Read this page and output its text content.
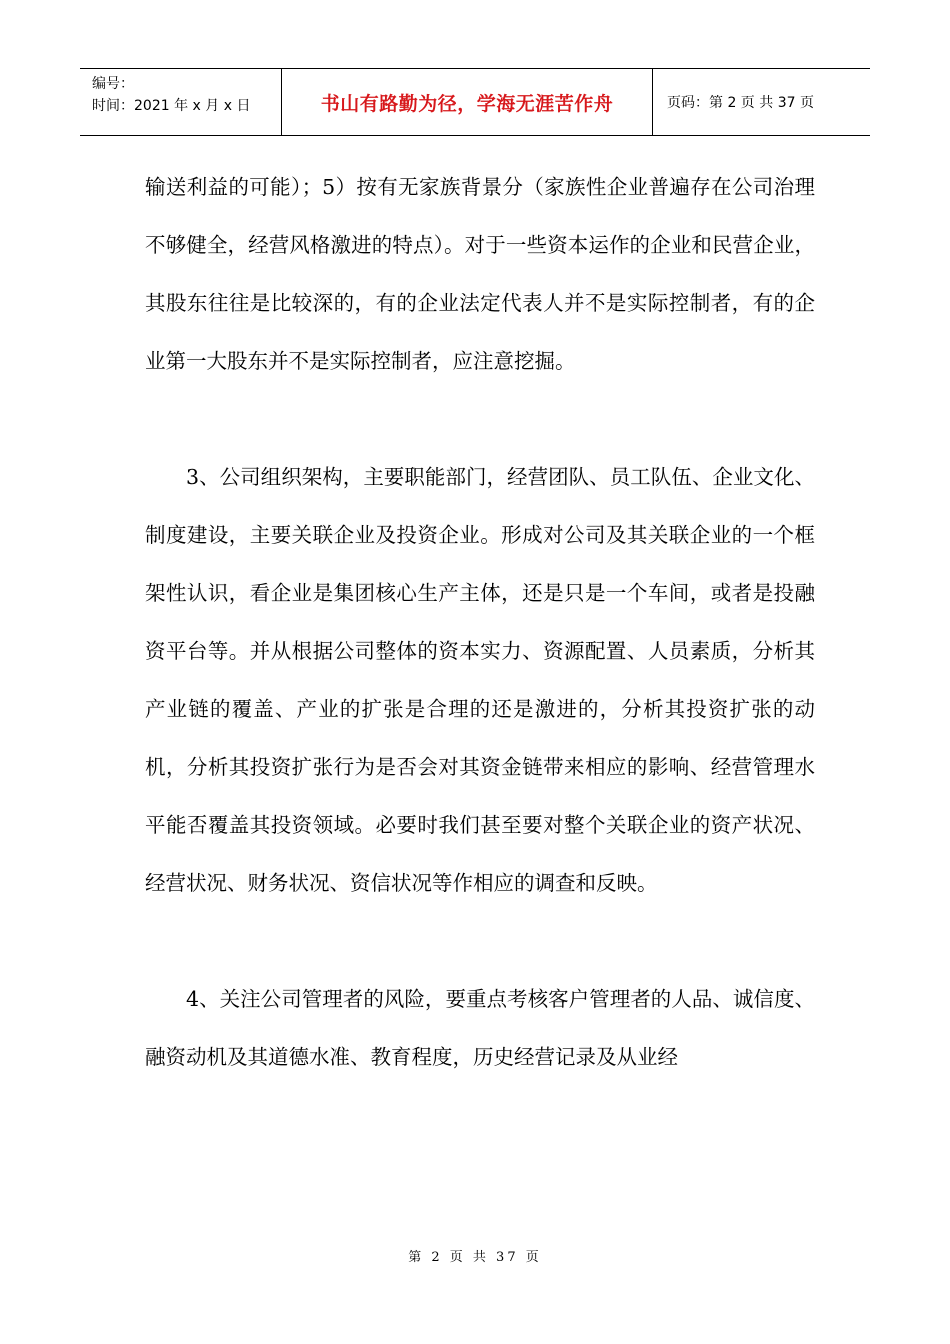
编号：
时间：2021 年 x 月 x 日	书山有路勤为径，学海无涯苦作舟	页码：第 2 页 共 37 页

输送利益的可能）；5）按有无家族背景分（家族性企业普遍存在公司治理不够健全，经营风格激进的特点）。对于一些资本运作的企业和民营企业，其股东往往是比较深的，有的企业法定代表人并不是实际控制者，有的企业第一大股东并不是实际控制者，应注意挖掘。

3、公司组织架构，主要职能部门，经营团队、员工队伍、企业文化、制度建设，主要关联企业及投资企业。形成对公司及其关联企业的一个框架性认识，看企业是集团核心生产主体，还是只是一个车间，或者是投融资平台等。并从根据公司整体的资本实力、资源配置、人员素质，分析其产业链的覆盖、产业的扩张是合理的还是激进的，分析其投资扩张的动机，分析其投资扩张行为是否会对其资金链带来相应的影响、经营管理水平能否覆盖其投资领域。必要时我们甚至要对整个关联企业的资产状况、经营状况、财务状况、资信状况等作相应的调查和反映。

4、关注公司管理者的风险，要重点考核客户管理者的人品、诚信度、融资动机及其道德水准、教育程度，历史经营记录及从业经

第 2 页 共 37 页
